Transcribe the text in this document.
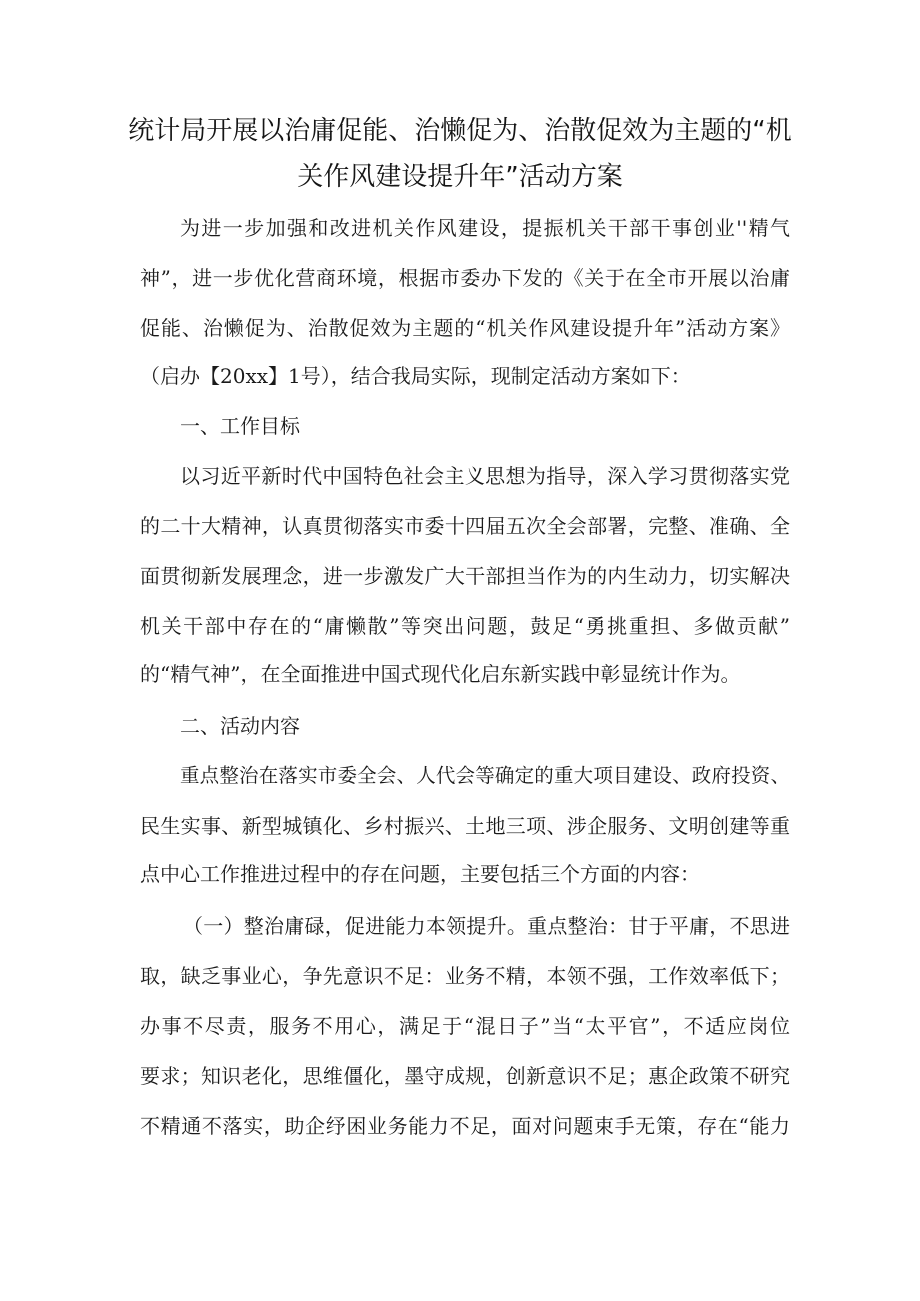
统计局开展以治庸促能、治懒促为、治散促效为主题的“机
关作风建设提升年”活动方案
为进一步加强和改进机关作风建设，提振机关干部干事创业''精气
神”，进一步优化营商环境，根据市委办下发的《关于在全市开展以治庸
促能、治懒促为、治散促效为主题的“机关作风建设提升年”活动方案》
（启办【20xx】1号），结合我局实际，现制定活动方案如下：
一、工作目标
以习近平新时代中国特色社会主义思想为指导，深入学习贯彻落实党
的二十大精神，认真贯彻落实市委十四届五次全会部署，完整、准确、全
面贯彻新发展理念，进一步激发广大干部担当作为的内生动力，切实解决
机关干部中存在的“庸懒散”等突出问题，鼓足“勇挑重担、多做贡献”
的“精气神”，在全面推进中国式现代化启东新实践中彰显统计作为。
二、活动内容
重点整治在落实市委全会、人代会等确定的重大项目建设、政府投资、
民生实事、新型城镇化、乡村振兴、土地三项、涉企服务、文明创建等重
点中心工作推进过程中的存在问题，主要包括三个方面的内容：
（一）整治庸碌，促进能力本领提升。重点整治：甘于平庸，不思进
取，缺乏事业心，争先意识不足：业务不精，本领不强，工作效率低下；
办事不尽责，服务不用心，满足于“混日子”当“太平官”，不适应岗位
要求；知识老化，思维僵化，墨守成规，创新意识不足；惠企政策不研究
不精通不落实，助企纾困业务能力不足，面对问题束手无策，存在“能力
